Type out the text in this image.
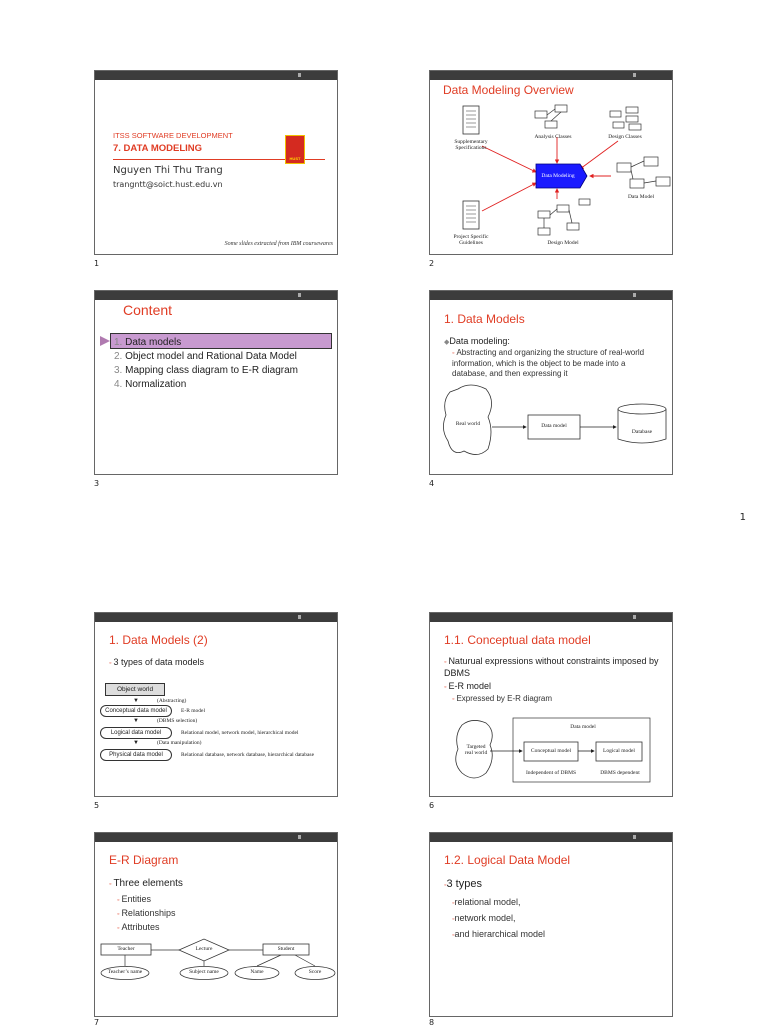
ITSS SOFTWARE DEVELOPMENT
7. DATA MODELING
Nguyen Thi Thu Trang
trangntt@soict.hust.edu.vn
HUST
Some slides extracted from IBM coursewares
1
Data Modeling Overview
Supplementary Specifications
Analysis Classes	Design Classes
Data Modeling
Data Model
Project Specific Guidelines	Design Model
2
Content
1. Data models
2. Object model and Rational Data Model
3. Mapping class diagram to E-R diagram
4. Normalization
3
1. Data Models
◆Data modeling:
◦ Abstracting and organizing the structure of real-world information, which is the object to be made into a database, and then expressing it
Real world	Data model
Database
4
1
1. Data Models (2)
◦ 3 types of data models
Object world
▼	(Abstracting)
Conceptual data model	E-R model
▼	(DBMS selection)
Logical data model	Relational model, network model, hierarchical model
▼	(Data manipulation)
Physical data model	Relational database, network database, hierarchical database
5
1.1. Conceptual data model
◦ Naturual expressions without constraints imposed by DBMS
◦ E-R model
◦ Expressed by E-R diagram
Targeted real world
Data model
Conceptual model	Logical model
Independent of DBMS	DBMS dependent
6
E-R Diagram
◦ Three elements
◦ Entities
◦ Relationships
◦ Attributes
Teacher	Lecture	Student
Teacher’s name	Subject name	Name	Score
7
1.2. Logical Data Model
◦3 types
◦relational model,
◦network model,
◦and hierarchical model
8
